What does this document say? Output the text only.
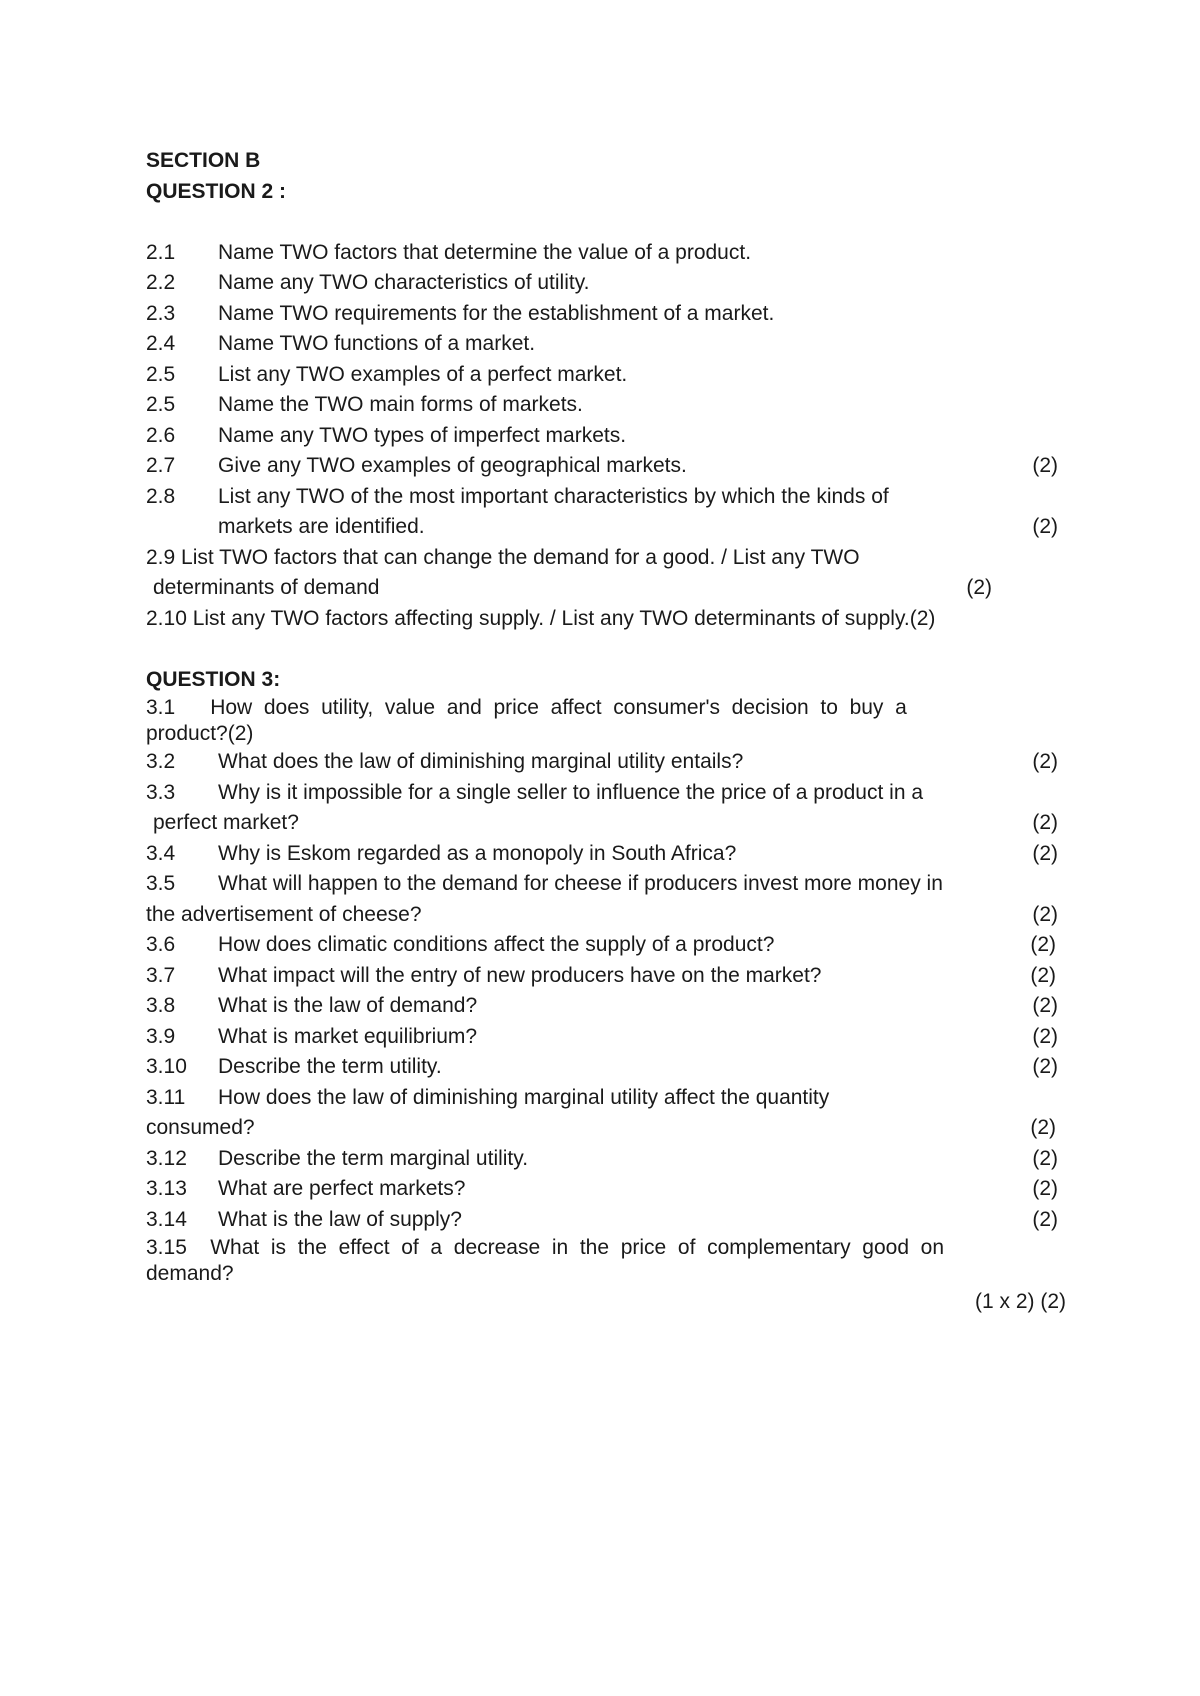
SECTION B
QUESTION 2 :
2.1	Name TWO factors that determine the value of a product.
2.2	Name any TWO characteristics of utility.
2.3	Name TWO requirements for the establishment of a market.
2.4	Name TWO functions of a market.
2.5	List any TWO examples of a perfect market.
2.5	Name the TWO main forms of markets.
2.6	Name any TWO types of imperfect markets.
2.7	Give any TWO examples of geographical markets.	(2)
2.8	List any TWO of the most important characteristics by which the kinds of
markets are identified.	(2)
2.9 List TWO factors that can change the demand for a good. / List any TWO
determinants of demand	(2)
2.10 List any TWO factors affecting supply. / List any TWO determinants of supply.(2)
QUESTION 3:
3.1      How  does  utility,  value  and  price  affect  consumer's  decision  to  buy  a
product?(2)
3.2	What does the law of diminishing marginal utility entails?	(2)
3.3	Why is it impossible for a single seller to influence the price of a product in a
perfect market?	(2)
3.4	Why is Eskom regarded as a monopoly in South Africa?	(2)
3.5	What will happen to the demand for cheese if producers invest more money in
the advertisement of cheese?	(2)
3.6	How does climatic conditions affect the supply of a product?	(2)
3.7	What impact will the entry of new producers have on the market?	(2)
3.8	What is the law of demand?	(2)
3.9	What is market equilibrium?	(2)
3.10	Describe the term utility.	(2)
3.11	How does the law of diminishing marginal utility affect the quantity
consumed?	(2)
3.12	Describe the term marginal utility.	(2)
3.13	What are perfect markets?	(2)
3.14	What is the law of supply?	(2)
3.15    What  is  the  effect  of  a  decrease  in  the  price  of  complementary  good  on
demand?
(1 x 2) (2)
